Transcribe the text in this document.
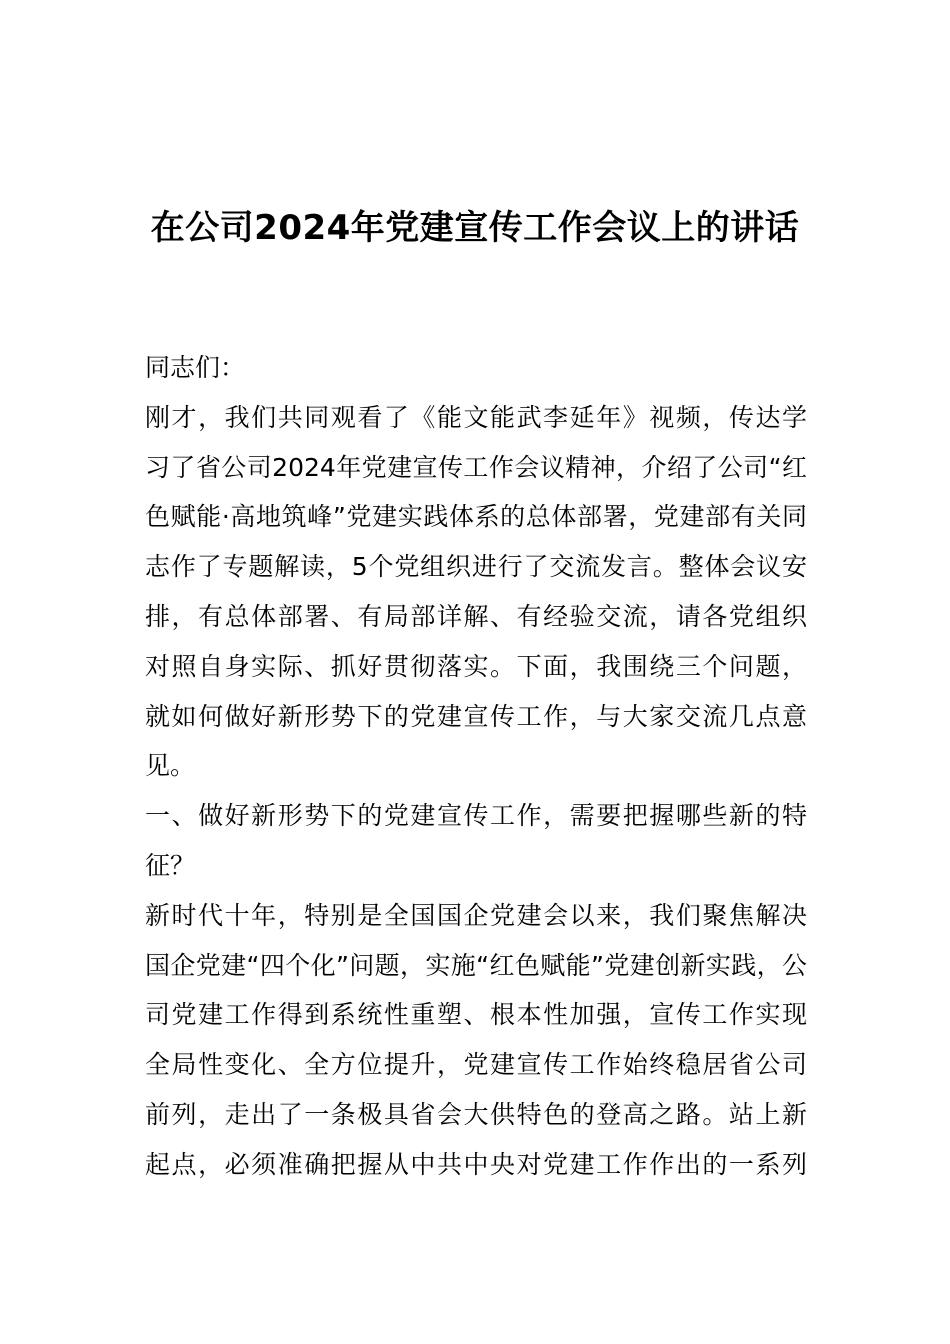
在公司2024年党建宣传工作会议上的讲话
同志们：
刚才，我们共同观看了《能文能武李延年》视频，传达学
习了省公司2024年党建宣传工作会议精神，介绍了公司“红
色赋能·高地筑峰”党建实践体系的总体部署，党建部有关同
志作了专题解读，5个党组织进行了交流发言。整体会议安
排，有总体部署、有局部详解、有经验交流，请各党组织
对照自身实际、抓好贯彻落实。下面，我围绕三个问题，
就如何做好新形势下的党建宣传工作，与大家交流几点意
见。
一、做好新形势下的党建宣传工作，需要把握哪些新的特
征？
新时代十年，特别是全国国企党建会以来，我们聚焦解决
国企党建“四个化”问题，实施“红色赋能”党建创新实践，公
司党建工作得到系统性重塑、根本性加强，宣传工作实现
全局性变化、全方位提升，党建宣传工作始终稳居省公司
前列，走出了一条极具省会大供特色的登高之路。站上新
起点，必须准确把握从中共中央对党建工作作出的一系列
